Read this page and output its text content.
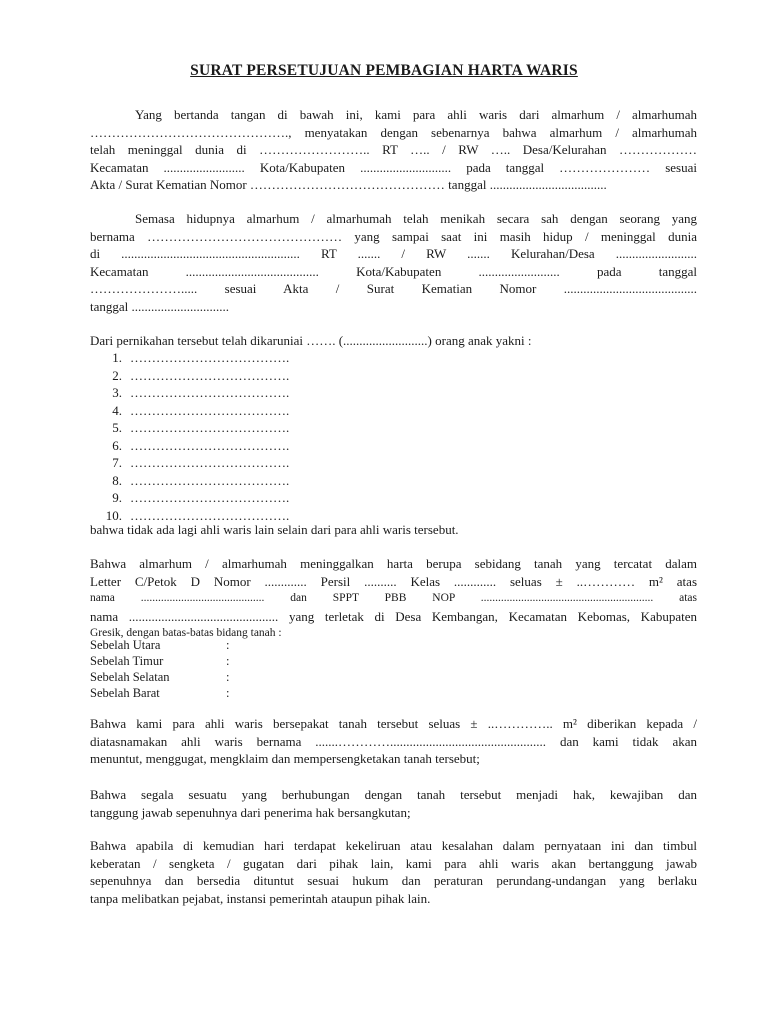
SURAT PERSETUJUAN PEMBAGIAN HARTA WARIS
Yang bertanda tangan di bawah ini, kami para ahli waris dari almarhum / almarhumah
………………………………………., menyatakan dengan sebenarnya bahwa almarhum / almarhumah
telah meninggal dunia di …………………….. RT ….. / RW ….. Desa/Kelurahan ………………
Kecamatan ......................... Kota/Kabupaten ............................ pada tanggal ………………… sesuai
Akta / Surat Kematian Nomor ……………………………………… tanggal ....................................
Semasa hidupnya almarhum / almarhumah telah menikah secara sah dengan seorang yang
bernama ……………………………………… yang sampai saat ini masih hidup / meninggal dunia
di ....................................................... RT ....... / RW ....... Kelurahan/Desa .........................
Kecamatan ......................................... Kota/Kabupaten ......................... pada tanggal
…………………..... sesuai Akta / Surat Kematian Nomor .........................................
tanggal ..............................
Dari pernikahan tersebut telah dikaruniai ……. (..........................) orang anak yakni :
1. ……………………………….
2. ……………………………….
3. ……………………………….
4. ……………………………….
5. ……………………………….
6. ……………………………….
7. ……………………………….
8. ……………………………….
9. ……………………………….
10. ……………………………….
bahwa tidak ada lagi ahli waris lain selain dari para ahli waris tersebut.
Bahwa almarhum / almarhumah meninggalkan harta berupa sebidang tanah yang tercatat dalam
Letter C/Petok D Nomor ............. Persil .......... Kelas ............. seluas ± ..………… m² atas
nama ........................................... dan SPPT PBB NOP ............................................................ atas
nama .............................................. yang terletak di Desa Kembangan, Kecamatan Kebomas, Kabupaten
Gresik, dengan batas-batas bidang tanah :
Sebelah Utara	:
Sebelah Timur	:
Sebelah Selatan	:
Sebelah Barat	:
Bahwa kami para ahli waris bersepakat tanah tersebut seluas ± ..………….. m² diberikan kepada /
diatasnamakan ahli waris bernama .......…………................................................ dan kami tidak akan
menuntut, menggugat, mengklaim dan mempersengketakan tanah tersebut;
Bahwa segala sesuatu yang berhubungan dengan tanah tersebut menjadi hak, kewajiban dan
tanggung jawab sepenuhnya dari penerima hak bersangkutan;
Bahwa apabila di kemudian hari terdapat kekeliruan atau kesalahan dalam pernyataan ini dan timbul
keberatan / sengketa / gugatan dari pihak lain, kami para ahli waris akan bertanggung jawab
sepenuhnya dan bersedia dituntut sesuai hukum dan peraturan perundang-undangan yang berlaku
tanpa melibatkan pejabat, instansi pemerintah ataupun pihak lain.
